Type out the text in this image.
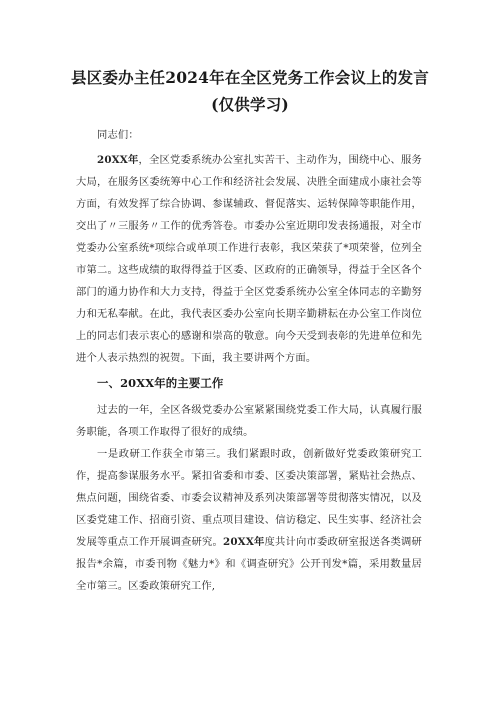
县区委办主任2024年在全区党务工作会议上的发言(仅供学习)

同志们：

20XX年，全区党委系统办公室扎实苦干、主动作为，围绕中心、服务大局，在服务区委统筹中心工作和经济社会发展、决胜全面建成小康社会等方面，有效发挥了综合协调、参谋辅政、督促落实、运转保障等职能作用，交出了〃三服务〃工作的优秀答卷。市委办公室近期印发表扬通报，对全市党委办公室系统*项综合或单项工作进行表彰，我区荣获了*项荣誉，位列全市第二。这些成绩的取得得益于区委、区政府的正确领导，得益于全区各个部门的通力协作和大力支持，得益于全区党委系统办公室全体同志的辛勤努力和无私奉献。在此，我代表区委办公室向长期辛勤耕耘在办公室工作岗位上的同志们表示衷心的感谢和崇高的敬意。向今天受到表彰的先进单位和先进个人表示热烈的祝贺。下面，我主要讲两个方面。

一、20XX年的主要工作

过去的一年，全区各级党委办公室紧紧围绕党委工作大局，认真履行服务职能，各项工作取得了很好的成绩。

一是政研工作获全市第三。我们紧跟时政，创新做好党委政策研究工作，提高参谋服务水平。紧扣省委和市委、区委决策部署，紧贴社会热点、焦点问题，围绕省委、市委会议精神及系列决策部署等贯彻落实情况，以及区委党建工作、招商引资、重点项目建设、信访稳定、民生实事、经济社会发展等重点工作开展调查研究。20XX年度共计向市委政研室报送各类调研报告*余篇，市委刊物《魅力*》和《调查研究》公开刊发*篇，采用数量居全市第三。区委政策研究工作,
